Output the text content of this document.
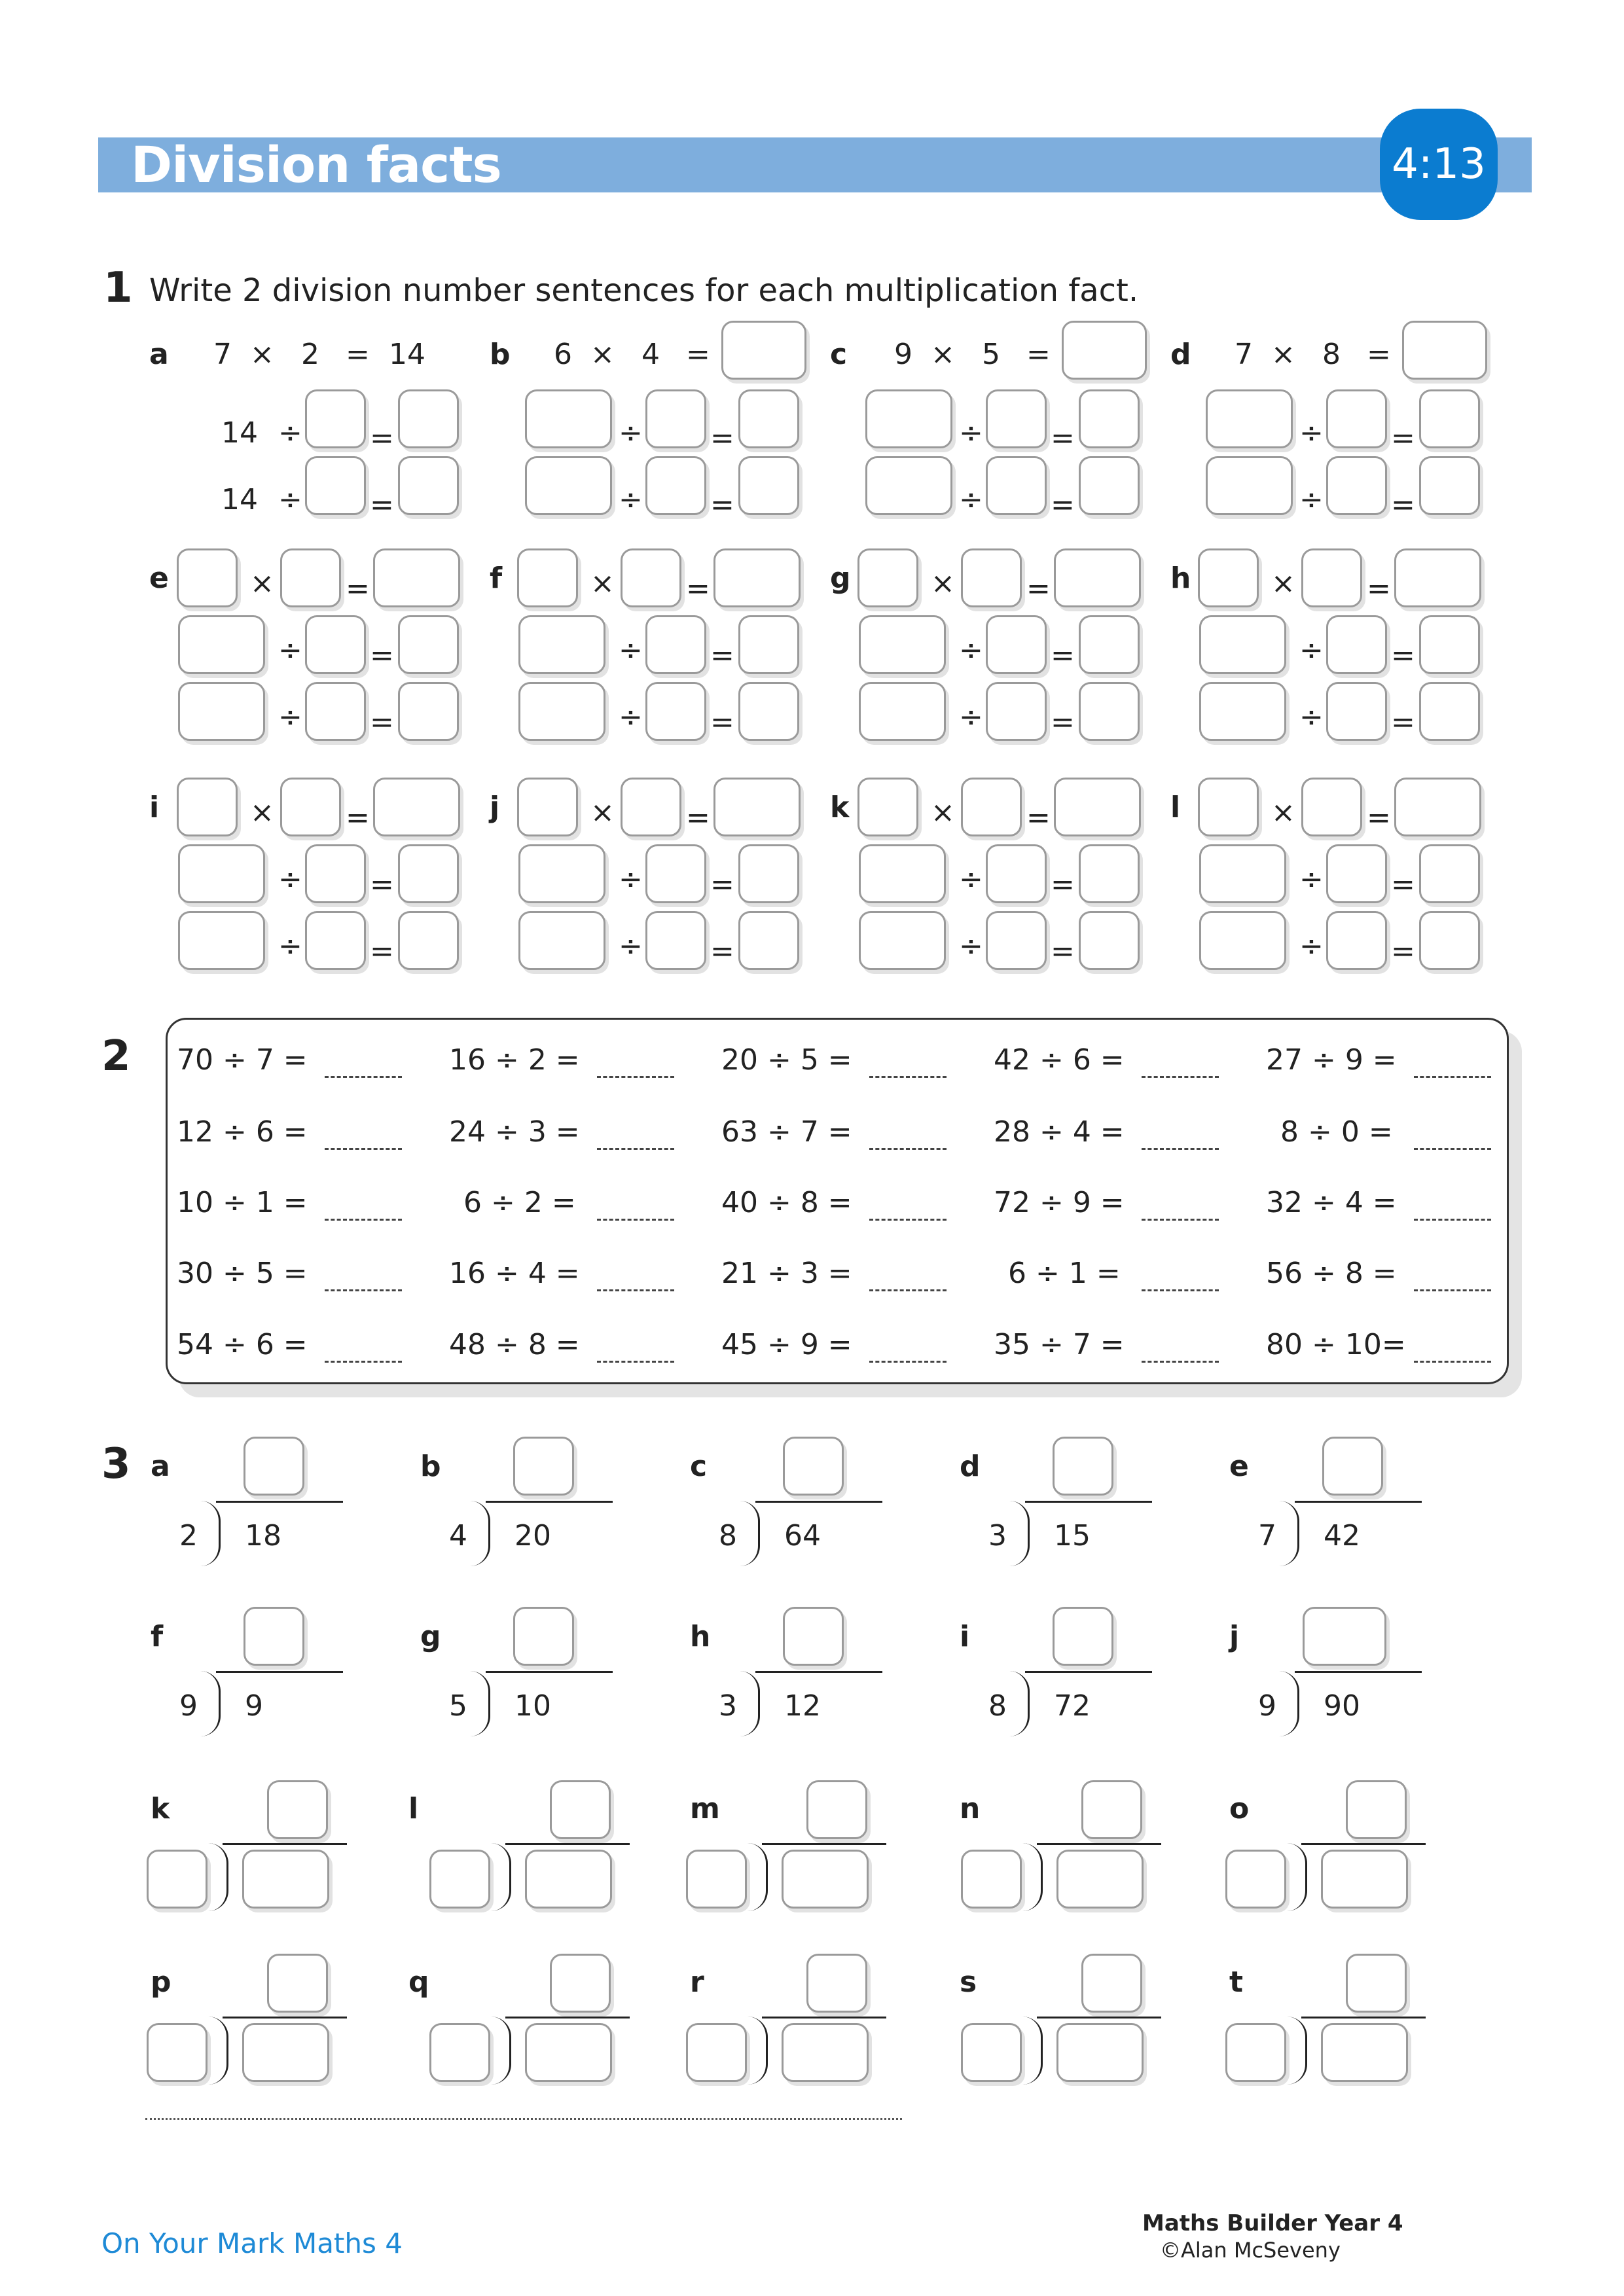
Division facts	4:13
1 Write 2 division number sentences for each multiplication fact.
a 7 × 2 = 14
14 ÷ =
14 ÷ =
b 6 × 4 =
÷ =
÷ =
c 9 × 5 =
÷ =
÷ =
d 7 × 8 =
÷ =
÷ =
e	× =
÷ =
÷ =
f	× =
÷ =
÷ =
g	× =
÷ =
÷ =
h	× =
÷ =
÷ =
i	× =
÷ =
÷ =
j	× =
÷ =
÷ =
k	× =
÷ =
÷ =
l	× =
÷ =
÷ =
2 70 ÷ 7 =	16 ÷ 2 =	20 ÷ 5 =	42 ÷ 6 =	27 ÷ 9 =
12 ÷ 6 =	24 ÷ 3 =	63 ÷ 7 =	28 ÷ 4 =	8 ÷ 0 =
10 ÷ 1 =	6 ÷ 2 =	40 ÷ 8 =	72 ÷ 9 =	32 ÷ 4 =
30 ÷ 5 =	16 ÷ 4 =	21 ÷ 3 =	6 ÷ 1 =	56 ÷ 8 =
54 ÷ 6 =	48 ÷ 8 =	45 ÷ 9 =	35 ÷ 7 =	80 ÷ 10=
3 a
2 18
b
4 20
c
8 64
d
3 15
e
7 42
f
9 9
g
5 10
h
3 12
i
8 72
j
9 90
k	l	m	n	o
p	q	r	s	t
On Your Mark Maths 4
Maths Builder Year 4
©Alan McSeveny
